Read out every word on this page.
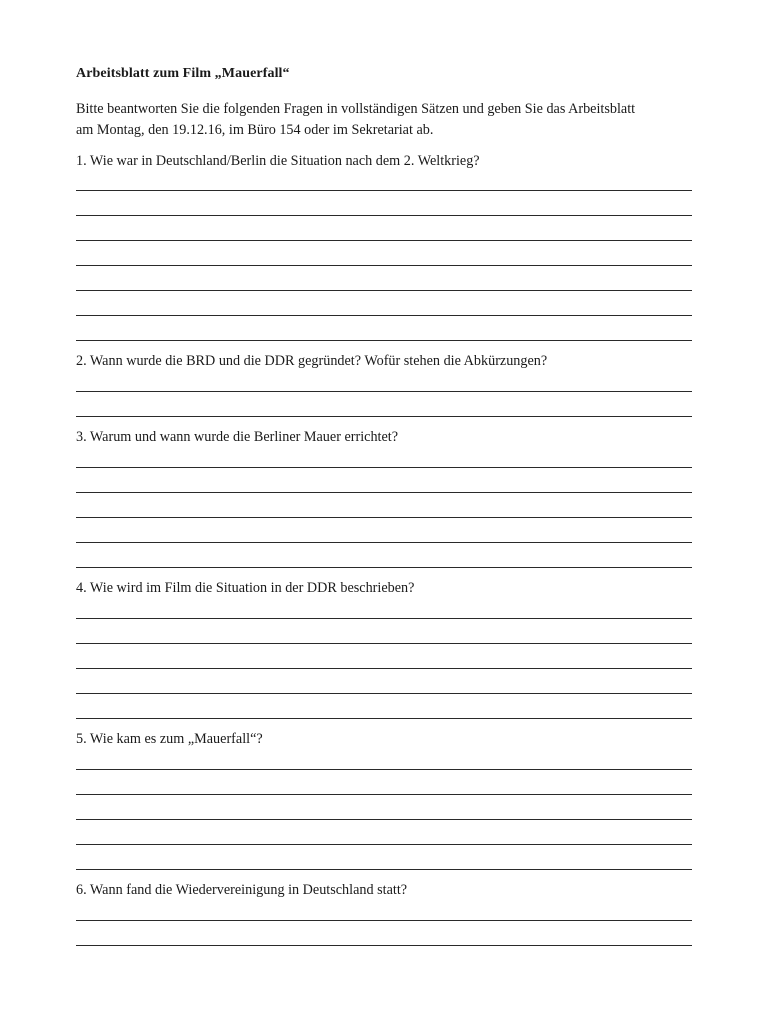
Arbeitsblatt zum Film „Mauerfall“
Bitte beantworten Sie die folgenden Fragen in vollständigen Sätzen und geben Sie das Arbeitsblatt
am Montag, den 19.12.16, im Büro 154 oder im Sekretariat ab.
1. Wie war in Deutschland/Berlin die Situation nach dem 2. Weltkrieg?
2. Wann wurde die BRD und die DDR gegründet? Wofür stehen die Abkürzungen?
3. Warum und wann wurde die Berliner Mauer errichtet?
4. Wie wird im Film die Situation in der DDR beschrieben?
5. Wie kam es zum „Mauerfall“?
6. Wann fand die Wiedervereinigung in Deutschland statt?
